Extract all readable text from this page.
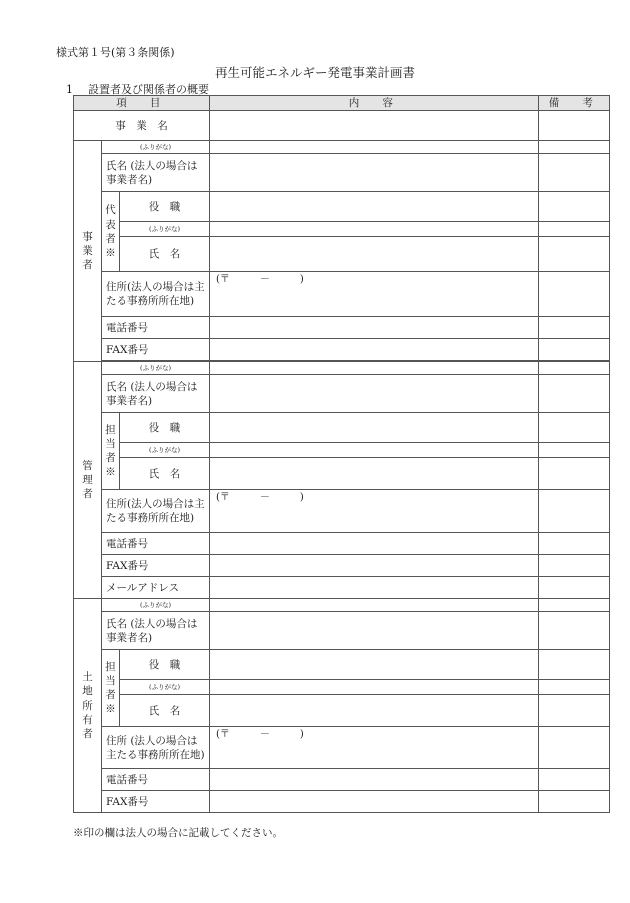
様式第１号(第３条関係)
再生可能エネルギー発電事業計画書
1 設置者及び関係者の概要
項　目			内　容	備　考
事　業　名				
事業者	(ふりがな)			
	氏名 (法人の場合は事業者名)			
	代表者※	役　職		
		(ふりがな)		
		氏　名		
	住所(法人の場合は主たる事務所所在地)		(〒　　　－　　　)	
	電話番号			
	FAX番号			

管理者	(ふりがな)			
	氏名 (法人の場合は事業者名)			
	担当者※	役　職		
		(ふりがな)		
		氏　名		
	住所(法人の場合は主たる事務所所在地)		(〒　　　－　　　)	
	電話番号			
	FAX番号			
	メールアドレス			
土地所有者	(ふりがな)			
	氏名 (法人の場合は事業者名)			
	担当者※	役　職		
		(ふりがな)		
		氏　名		
	住所 (法人の場合は主たる事務所所在地)		(〒　　　－　　　)	
	電話番号			
	FAX番号			
※印の欄は法人の場合に記載してください。
